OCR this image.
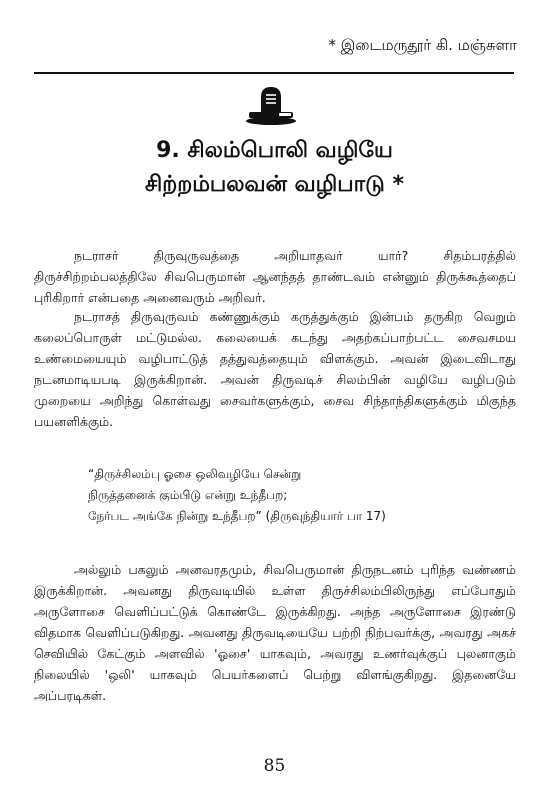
* இடைமருதூர் கி. மஞ்சுளா
9. சிலம்பொலி வழியே
சிற்றம்பலவன் வழிபாடு *

நடராசர் திருவுருவத்தை அறியாதவர் யார்? சிதம்பரத்தில் திருச்சிற்றம்பலத்திலே சிவபெருமான் ஆனந்தத் தாண்டவம் என்னும் திருக்கூத்தைப் புரிகிறார் என்பதை அனைவரும் அறிவர்.

நடராசத் திருவுருவம் கண்ணுக்கும் கருத்துக்கும் இன்பம் தருகிற வெறும் கலைப்பொருள் மட்டுமல்ல. கலையைக் கடந்து அதற்கப்பாற்பட்ட சைவசமய உண்மையையும் வழிபாட்டுத் தத்துவத்தையும் விளக்கும். அவன் இடைவிடாது நடனமாடியபடி இருக்கிறான். அவன் திருவடிச் சிலம்பின் வழியே வழிபடும் முறையை அறிந்து கொள்வது சைவர்களுக்கும், சைவ சிந்தாந்திகளுக்கும் மிகுந்த பயனளிக்கும்.

“திருச்சிலம்பு ஓசை ஒலிவழியே சென்று
நிருத்தனைக் கும்பிடு என்று உந்தீபற;
நேர்பட அங்கே நின்று உந்தீபற” (திருவுந்தியார் பா 17)

அல்லும் பகலும் அனவரதமும், சிவபெருமான் திருநடனம் புரிந்த வண்ணம் இருக்கிறான். அவனது திருவடியில் உள்ள திருச்சிலம்பிலிருந்து எப்போதும் அருளோசை வெளிப்பட்டுக் கொண்டே இருக்கிறது. அந்த அருளோசை இரண்டு விதமாக வெளிப்படுகிறது. அவனது திருவடியையே பற்றி நிற்பவர்க்கு, அவரது அகச் செவியில் கேட்கும் அளவில் 'ஓசை' யாகவும், அவரது உணர்வுக்குப் புலனாகும் நிலையில் 'ஒலி' யாகவும் பெயர்களைப் பெற்று விளங்குகிறது. இதனையே அப்பரடிகள்.

85
